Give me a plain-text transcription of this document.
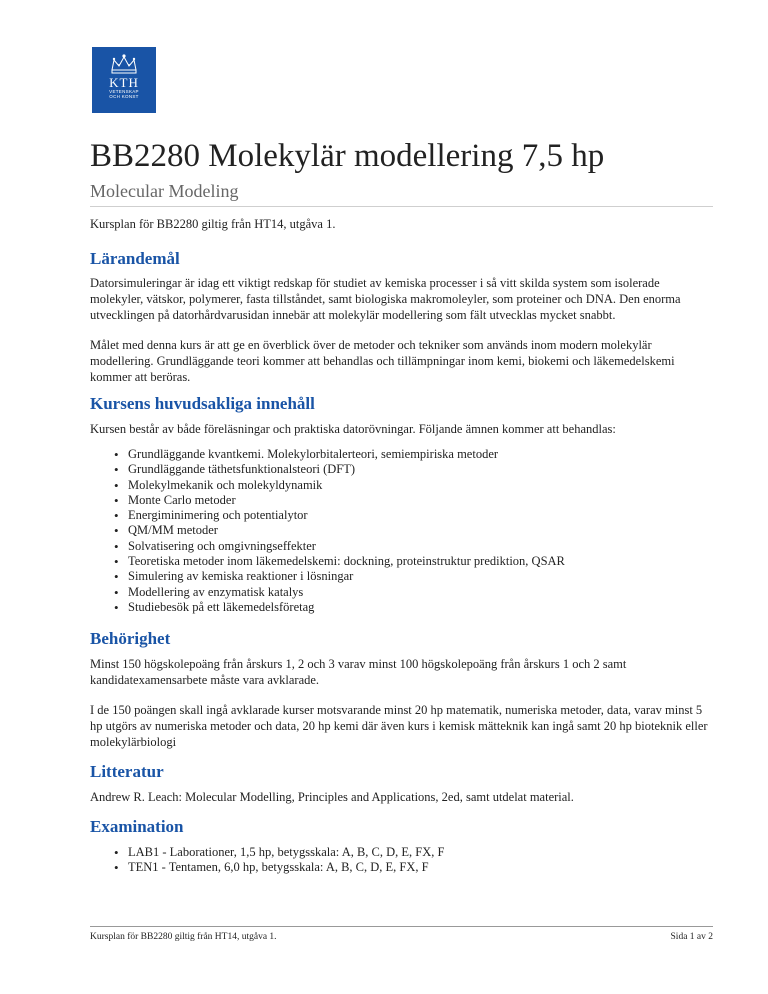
KTH
VETENSKAP
OCH KONST
BB2280 Molekylär modellering 7,5 hp
Molecular Modeling
Kursplan för BB2280 giltig från HT14, utgåva 1.
Lärandemål

Datorsimuleringar är idag ett viktigt redskap för studiet av kemiska processer i så vitt skilda system som isolerade molekyler, vätskor, polymerer, fasta tillståndet, samt biologiska makromoleyler, som proteiner och DNA. Den enorma utvecklingen på datorhårdvarusidan innebär att molekylär modellering som fält utvecklas mycket snabbt.

Målet med denna kurs är att ge en överblick över de metoder och tekniker som används inom modern molekylär modellering. Grundläggande teori kommer att behandlas och tillämpningar inom kemi, biokemi och läkemedelskemi kommer att beröras.

Kursens huvudsakliga innehåll

Kursen består av både föreläsningar och praktiska datorövningar. Följande ämnen kommer att behandlas:

• Grundläggande kvantkemi. Molekylorbitalerteori, semiempiriska metoder
• Grundläggande täthetsfunktionalsteori (DFT)
• Molekylmekanik och molekyldynamik
• Monte Carlo metoder
• Energiminimering och potentialytor
• QM/MM metoder
• Solvatisering och omgivningseffekter
• Teoretiska metoder inom läkemedelskemi: dockning, proteinstruktur prediktion, QSAR
• Simulering av kemiska reaktioner i lösningar
• Modellering av enzymatisk katalys
• Studiebesök på ett läkemedelsföretag
Behörighet

Minst 150 högskolepoäng från årskurs 1, 2 och 3 varav minst 100 högskolepoäng från årskurs 1 och 2 samt kandidatexamensarbete måste vara avklarade.

I de 150 poängen skall ingå avklarade kurser motsvarande minst 20 hp matematik, numeriska metoder, data, varav minst 5 hp utgörs av numeriska metoder och data, 20 hp kemi där även kurs i kemisk mätteknik kan ingå samt 20 hp bioteknik eller molekylärbiologi

Litteratur

Andrew R. Leach: Molecular Modelling, Principles and Applications, 2ed, samt utdelat material.

Examination
• LAB1 - Laborationer, 1,5 hp, betygsskala: A, B, C, D, E, FX, F
• TEN1 - Tentamen, 6,0 hp, betygsskala: A, B, C, D, E, FX, F
Kursplan för BB2280 giltig från HT14, utgåva 1.	Sida 1 av 2
